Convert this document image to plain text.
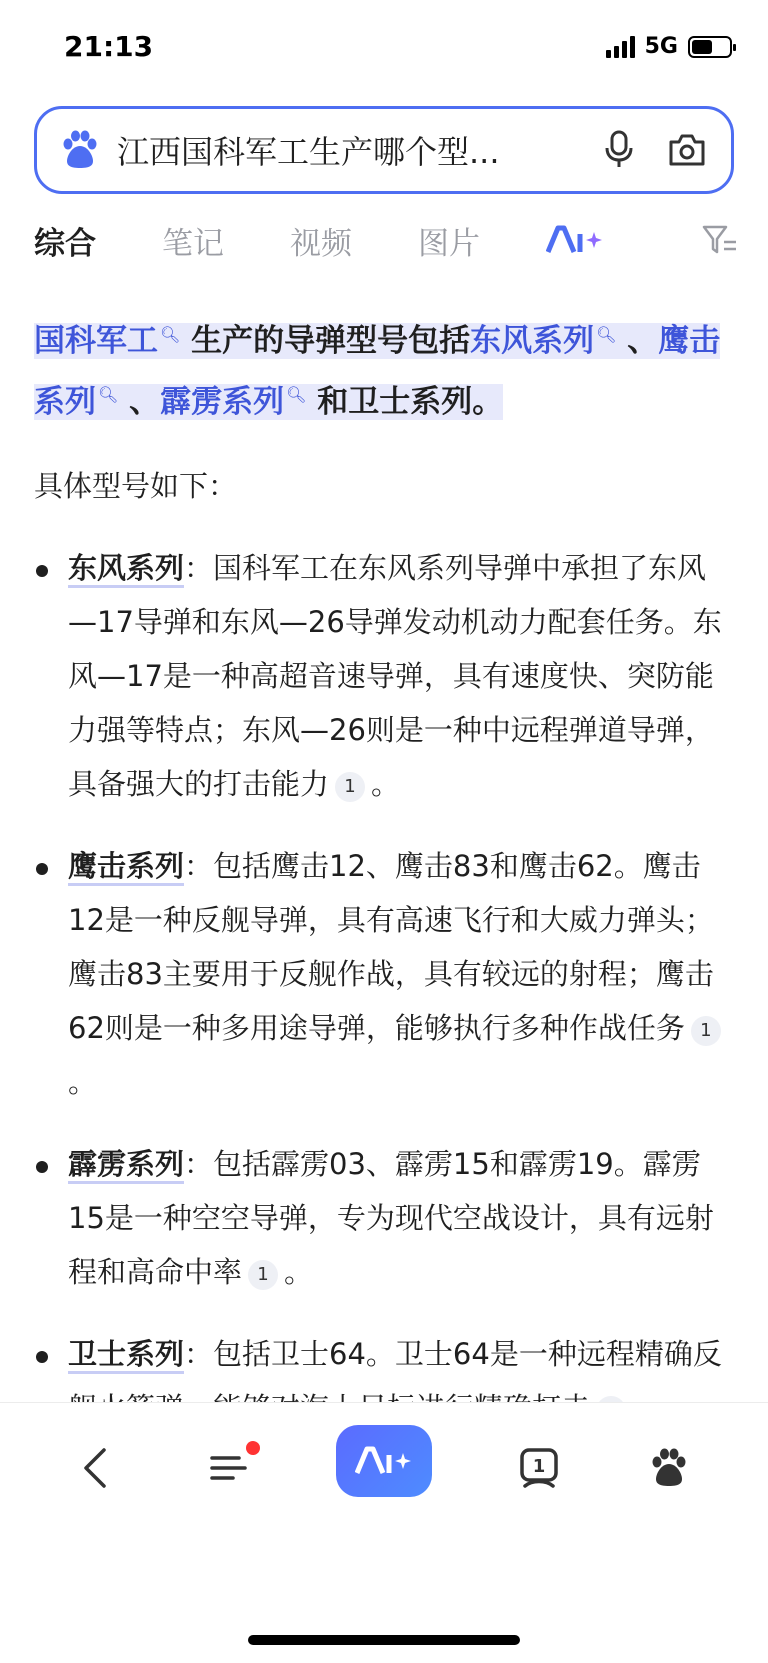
21:13	5G
江西国科军工生产哪个型...
综合 笔记 视频 图片
国科军工 🔍︎ 生产的导弹型号包括东风系列 🔍︎ 、鹰击系列 🔍︎ 、霹雳系列 🔍︎ 和卫士系列。
具体型号如下：
东风系列：国科军工在东风系列导弹中承担了东风—17导弹和东风—26导弹发动机动力配套任务。东风—17是一种高超音速导弹，具有速度快、突防能力强等特点；东风—26则是一种中远程弹道导弹，具备强大的打击能力 1 。
鹰击系列：包括鹰击12、鹰击83和鹰击62。鹰击12是一种反舰导弹，具有高速飞行和大威力弹头；鹰击83主要用于反舰作战，具有较远的射程；鹰击62则是一种多用途导弹，能够执行多种作战任务 1。
霹雳系列：包括霹雳03、霹雳15和霹雳19。霹雳15是一种空空导弹，专为现代空战设计，具有远射程和高命中率 1 。
卫士系列：包括卫士64。卫士64是一种远程精确反
1
